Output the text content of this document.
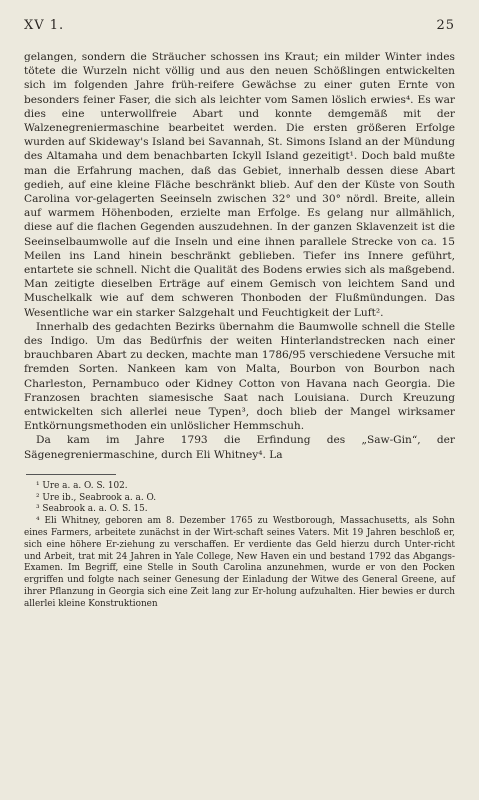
XV 1.	25

gelangen, sondern die Sträucher schossen ins Kraut; ein milder Winter indes tötete die Wurzeln nicht völlig und aus den neuen Schößlingen entwickelten sich im folgenden Jahre früh-reifere Gewächse zu einer guten Ernte von besonders feiner Faser, die sich als leichter vom Samen löslich erwies⁴. Es war dies eine unterwollfreie Abart und konnte demgemäß mit der Walzenegreniermaschine bearbeitet werden. Die ersten größeren Erfolge wurden auf Skideway's Island bei Savannah, St. Simons Island an der Mündung des Altamaha und dem benachbarten Ickyll Island gezeitigt¹. Doch bald mußte man die Erfahrung machen, daß das Gebiet, innerhalb dessen diese Abart gedieh, auf eine kleine Fläche beschränkt blieb. Auf den der Küste von South Carolina vor-gelagerten Seeinseln zwischen 32° und 30° nördl. Breite, allein auf warmem Höhenboden, erzielte man Erfolge. Es gelang nur allmählich, diese auf die flachen Gegenden auszudehnen. In der ganzen Sklavenzeit ist die Seeinselbaumwolle auf die Inseln und eine ihnen parallele Strecke von ca. 15 Meilen ins Land hinein beschränkt geblieben. Tiefer ins Innere geführt, entartete sie schnell. Nicht die Qualität des Bodens erwies sich als maßgebend. Man zeitigte dieselben Erträge auf einem Gemisch von leichtem Sand und Muschelkalk wie auf dem schweren Thonboden der Flußmündungen. Das Wesentliche war ein starker Salzgehalt und Feuchtigkeit der Luft².

Innerhalb des gedachten Bezirks übernahm die Baumwolle schnell die Stelle des Indigo. Um das Bedürfnis der weiten Hinterlandstrecken nach einer brauchbaren Abart zu decken, machte man 1786/95 verschiedene Versuche mit fremden Sorten. Nankeen kam von Malta, Bourbon von Bourbon nach Charleston, Pernambuco oder Kidney Cotton von Havana nach Georgia. Die Franzosen brachten siamesische Saat nach Louisiana. Durch Kreuzung entwickelten sich allerlei neue Typen³, doch blieb der Mangel wirksamer Entkörnungsmethoden ein unlöslicher Hemmschuh.

Da kam im Jahre 1793 die Erfindung des „Saw-Gin“, der Sägenegreniermaschine, durch Eli Whitney⁴. La

¹ Ure a. a. O. S. 102.

² Ure ib., Seabrook a. a. O.

³ Seabrook a. a. O. S. 15.

⁴ Eli Whitney, geboren am 8. Dezember 1765 zu Westborough, Massachusetts, als Sohn eines Farmers, arbeitete zunächst in der Wirt-schaft seines Vaters. Mit 19 Jahren beschloß er, sich eine höhere Er-ziehung zu verschaffen. Er verdiente das Geld hierzu durch Unter-richt und Arbeit, trat mit 24 Jahren in Yale College, New Haven ein und bestand 1792 das Abgangs-Examen. Im Begriff, eine Stelle in South Carolina anzunehmen, wurde er von den Pocken ergriffen und folgte nach seiner Genesung der Einladung der Witwe des General Greene, auf ihrer Pflanzung in Georgia sich eine Zeit lang zur Er-holung aufzuhalten. Hier bewies er durch allerlei kleine Konstruktionen
